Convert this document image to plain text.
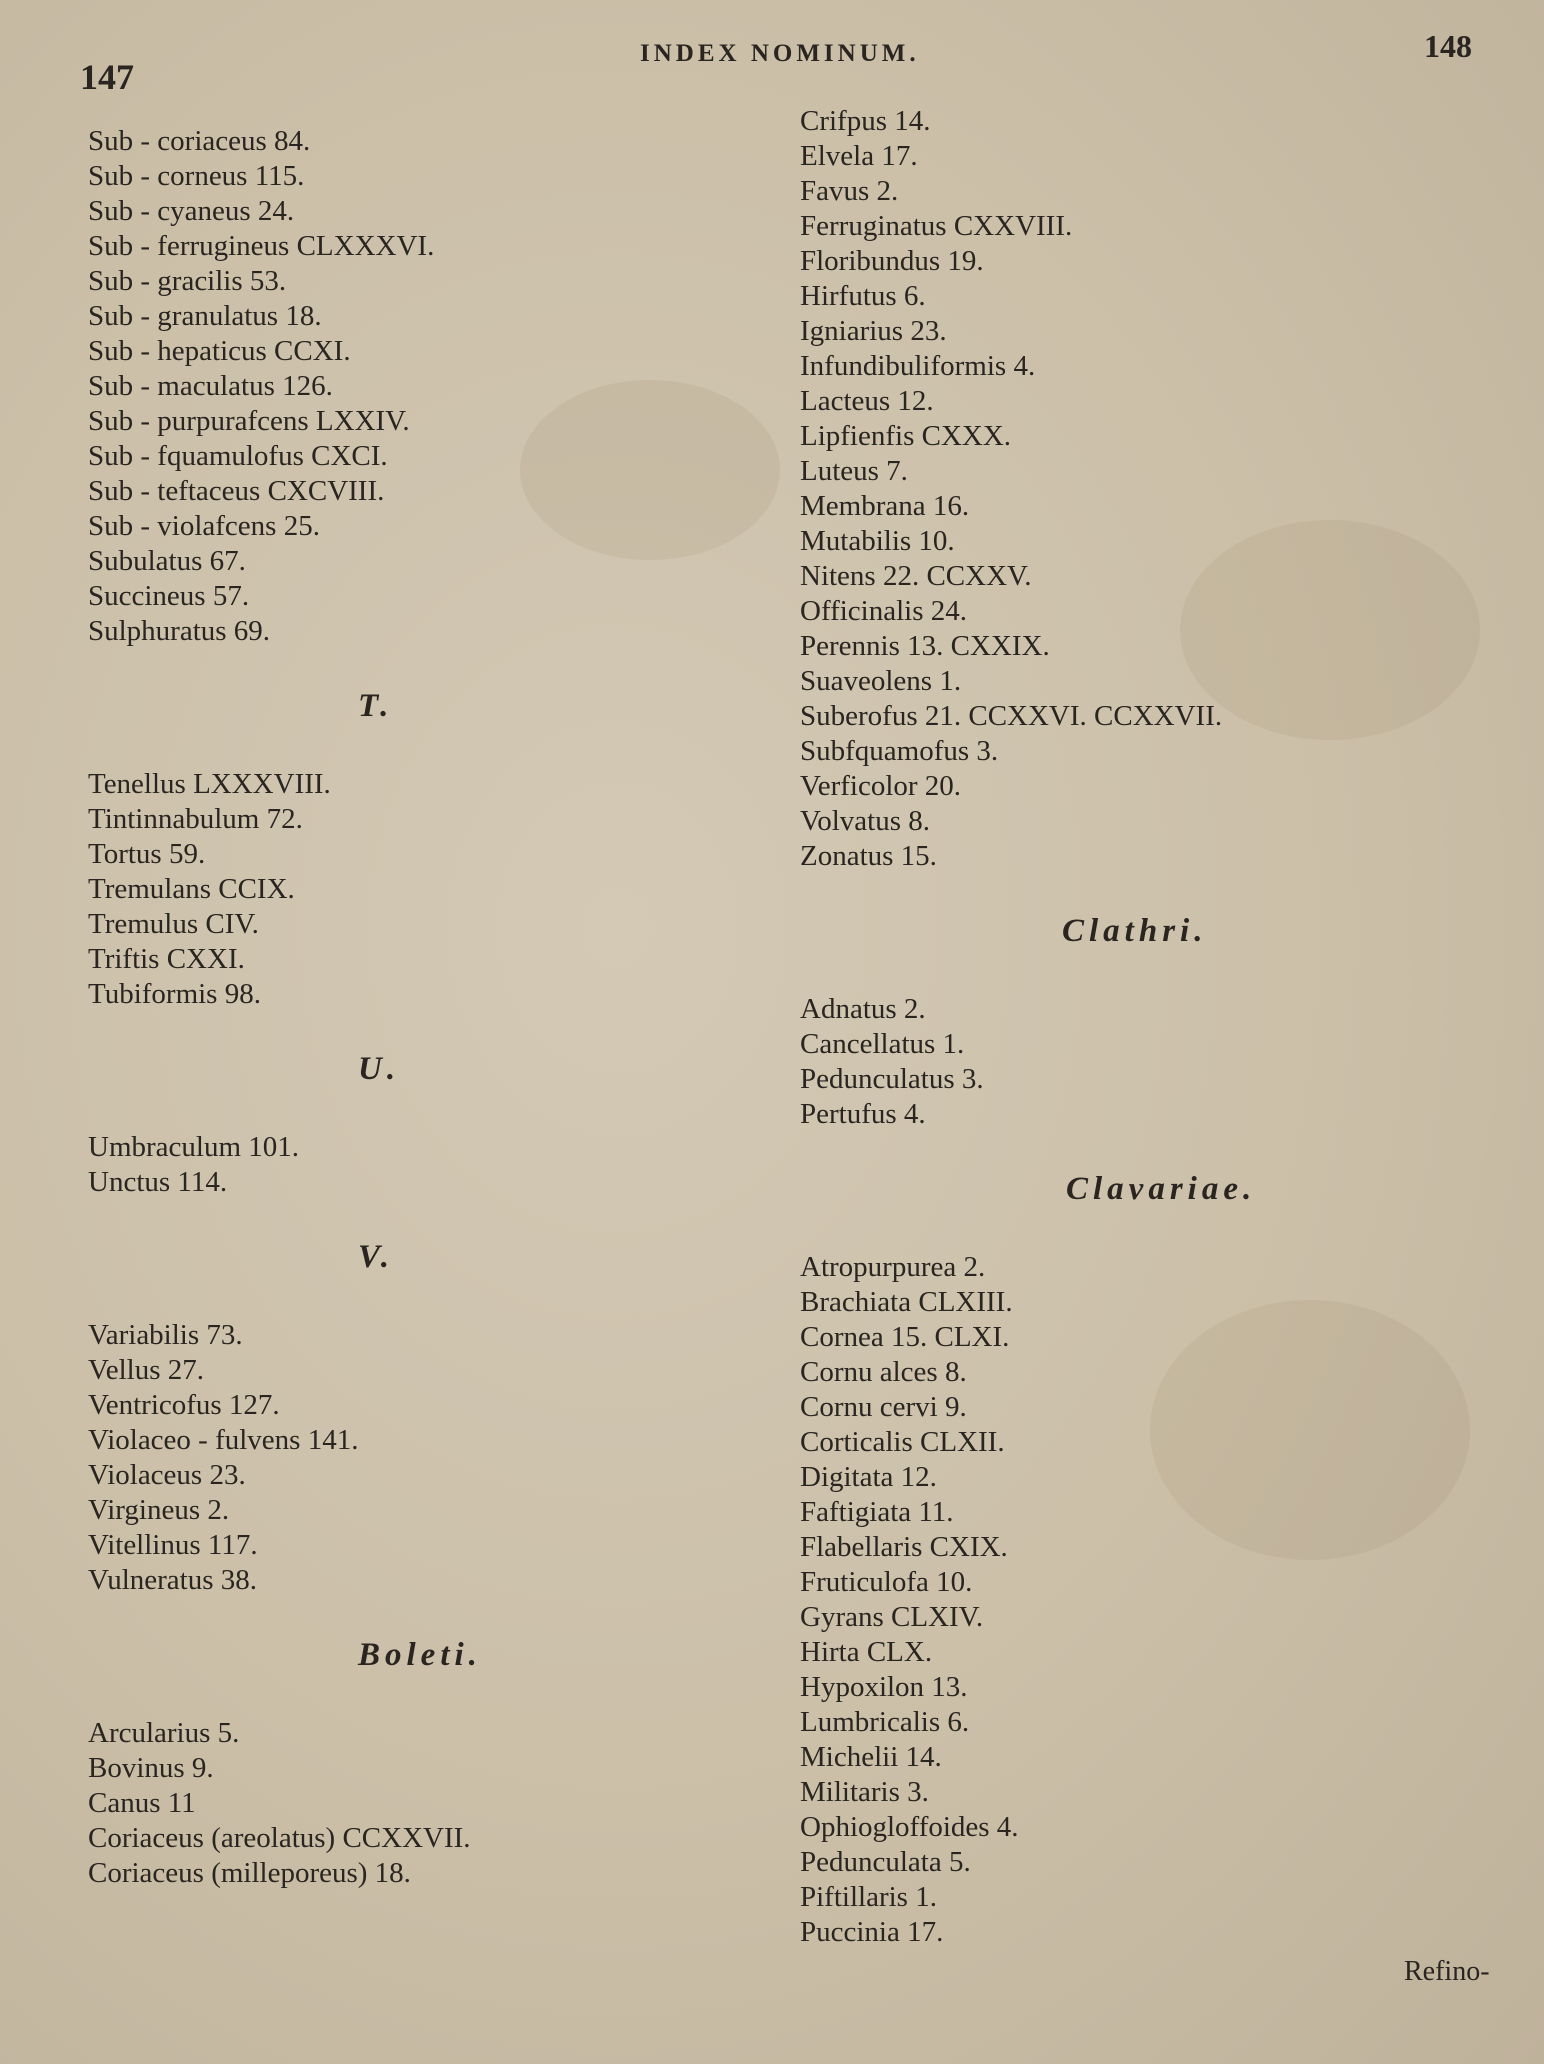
147
INDEX NOMINUM.	148
Sub - coriaceus 84.
Sub - corneus 115.
Sub - cyaneus 24.
Sub - ferrugineus CLXXXVI.
Sub - gracilis 53.
Sub - granulatus 18.
Sub - hepaticus CCXI.
Sub - maculatus 126.
Sub - purpurafcens LXXIV.
Sub - fquamulofus CXCI.
Sub - teftaceus CXCVIII.
Sub - violafcens 25.
Subulatus 67.
Succineus 57.
Sulphuratus 69.
T.
Tenellus LXXXVIII.
Tintinnabulum 72.
Tortus 59.
Tremulans CCIX.
Tremulus CIV.
Triftis CXXI.
Tubiformis 98.
U.
Umbraculum 101.
Unctus 114.
V.
Variabilis 73.
Vellus 27.
Ventricofus 127.
Violaceo - fulvens 141.
Violaceus 23.
Virgineus 2.
Vitellinus 117.
Vulneratus 38.
Boleti.
Arcularius 5.
Bovinus 9.
Canus 11
Coriaceus (areolatus) CCXXVII.
Coriaceus (milleporeus) 18.
Crifpus 14.
Elvela 17.
Favus 2.
Ferruginatus CXXVIII.
Floribundus 19.
Hirfutus 6.
Igniarius 23.
Infundibuliformis 4.
Lacteus 12.
Lipfienfis CXXX.
Luteus 7.
Membrana 16.
Mutabilis 10.
Nitens 22. CCXXV.
Officinalis 24.
Perennis 13. CXXIX.
Suaveolens 1.
Suberofus 21. CCXXVI. CCXXVII.
Subfquamofus 3.
Verficolor 20.
Volvatus 8.
Zonatus 15.
Clathri.
Adnatus 2.
Cancellatus 1.
Pedunculatus 3.
Pertufus 4.
Clavariae.
Atropurpurea 2.
Brachiata CLXIII.
Cornea 15. CLXI.
Cornu alces 8.
Cornu cervi 9.
Corticalis CLXII.
Digitata 12.
Faftigiata 11.
Flabellaris CXIX.
Fruticulofa 10.
Gyrans CLXIV.
Hirta CLX.
Hypoxilon 13.
Lumbricalis 6.
Michelii 14.
Militaris 3.
Ophiogloffoides 4.
Pedunculata 5.
Piftillaris 1.
Puccinia 17.
Refino-
